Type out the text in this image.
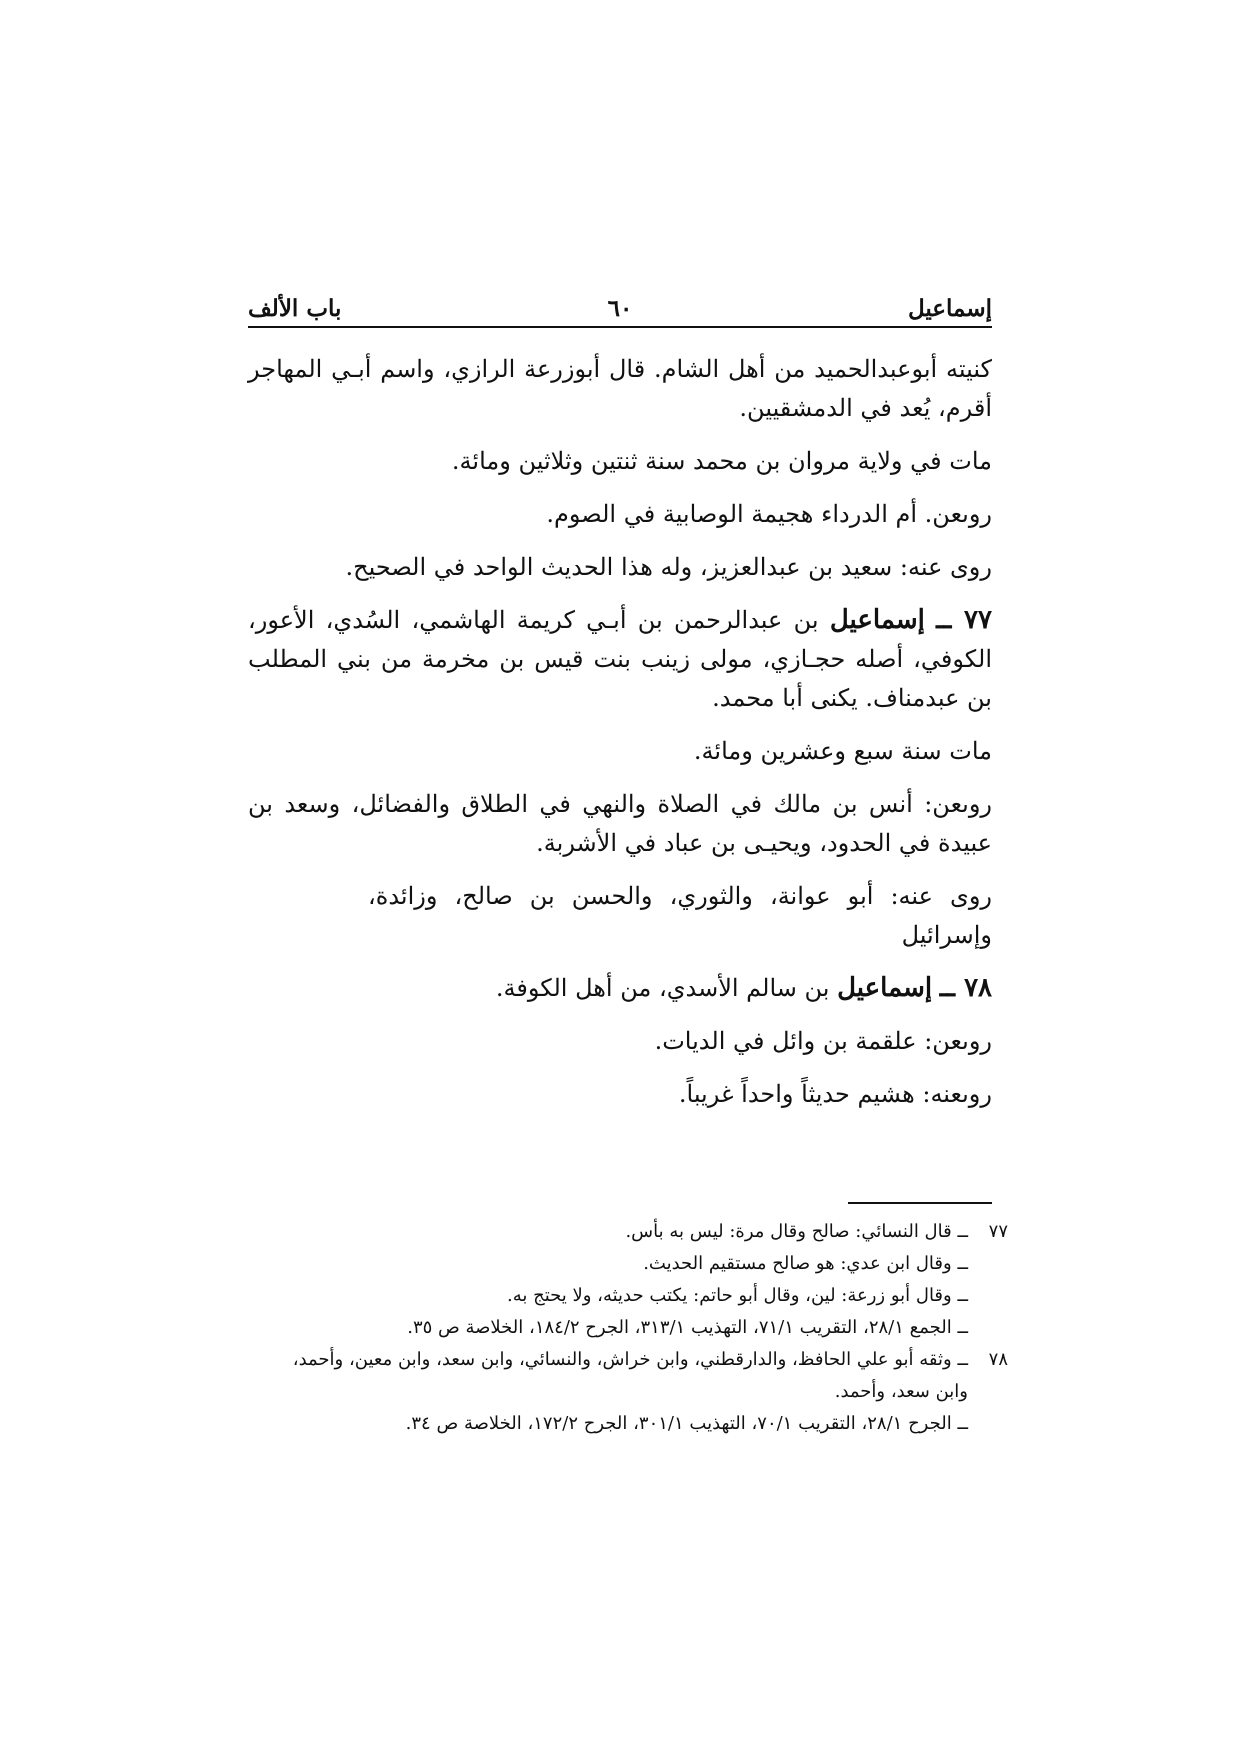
إسماعيل
٦٠
باب الألف

كنيته أبوعبدالحميد من أهل الشام. قال أبوزرعة الرازي، واسم أبـي المهاجر أقرم، يُعد في الدمشقيين.

مات في ولاية مروان بن محمد سنة ثنتين وثلاثين ومائة.

روىعن. أم الدرداء هجيمة الوصابية في الصوم.

روى عنه: سعيد بن عبدالعزيز، وله هذا الحديث الواحد في الصحيح.

٧٧ ــ إسماعيل بن عبدالرحمن بن أبـي كريمة الهاشمي، السُدي، الأعور، الكوفي، أصله حجـازي، مولى زينب بنت قيس بن مخرمة من بني المطلب بن عبدمناف. يكنى أبا محمد.

مات سنة سبع وعشرين ومائة.

روىعن: أنس بن مالك في الصلاة والنهي في الطلاق والفضائل، وسعد بن عبيدة في الحدود، ويحيـى بن عباد في الأشربة.

روى عنه: أبو عوانة، والثوري، والحسن بن صالح، وزائدة، وإسرائيل

٧٨ ــ إسماعيل بن سالم الأسدي، من أهل الكوفة.

روىعن: علقمة بن وائل في الديات.

روىعنه: هشيم حديثاً واحداً غريباً.

٧٧
ــ قال النسائي: صالح وقال مرة: ليس به بأس.
ــ وقال ابن عدي: هو صالح مستقيم الحديث.
ــ وقال أبو زرعة: لين، وقال أبو حاتم: يكتب حديثه، ولا يحتج به.
ــ الجمع ٢٨/١، التقريب ٧١/١، التهذيب ٣١٣/١، الجرح ١٨٤/٢، الخلاصة ص ٣٥.
٧٨
ــ وثقه أبو علي الحافظ، والدارقطني، وابن خراش، والنسائي، وابن سعد، وابن معين، وأحمد،
وابن سعد، وأحمد.
ــ الجرح ٢٨/١، التقريب ٧٠/١، التهذيب ٣٠١/١، الجرح ١٧٢/٢، الخلاصة ص ٣٤.
